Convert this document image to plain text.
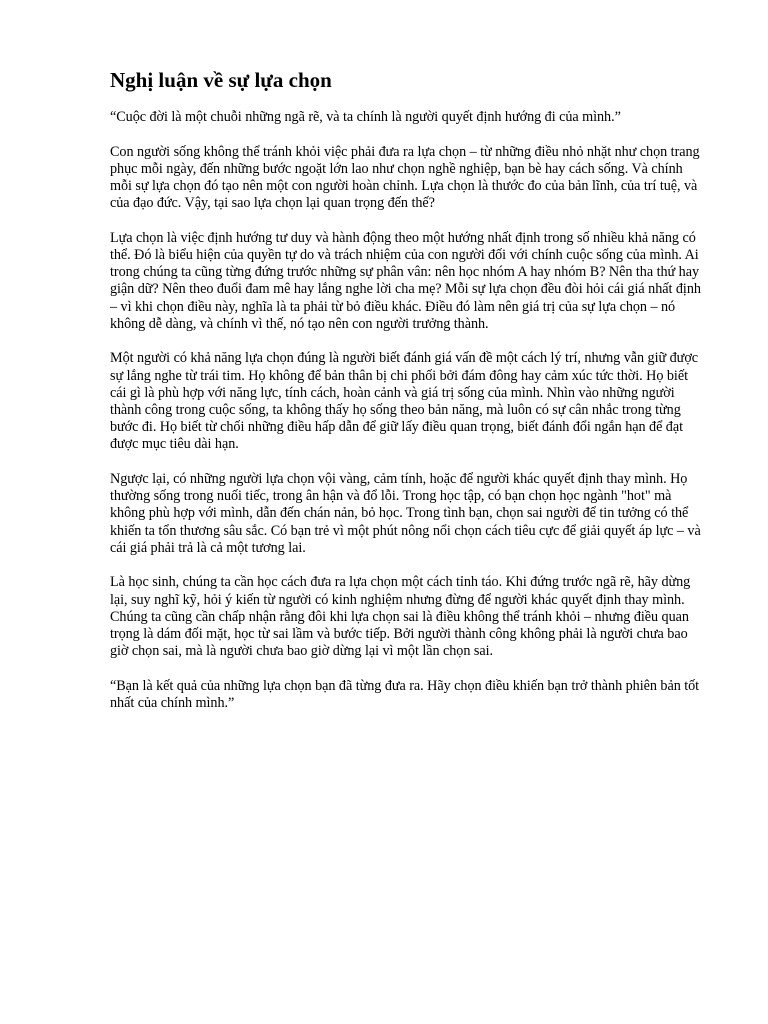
Nghị luận về sự lựa chọn

“Cuộc đời là một chuỗi những ngã rẽ, và ta chính là người quyết định hướng đi của mình.”

Con người sống không thể tránh khỏi việc phải đưa ra lựa chọn – từ những điều nhỏ nhặt như chọn trang phục mỗi ngày, đến những bước ngoặt lớn lao như chọn nghề nghiệp, bạn bè hay cách sống. Và chính mỗi sự lựa chọn đó tạo nên một con người hoàn chỉnh. Lựa chọn là thước đo của bản lĩnh, của trí tuệ, và của đạo đức. Vậy, tại sao lựa chọn lại quan trọng đến thế?

Lựa chọn là việc định hướng tư duy và hành động theo một hướng nhất định trong số nhiều khả năng có thể. Đó là biểu hiện của quyền tự do và trách nhiệm của con người đối với chính cuộc sống của mình. Ai trong chúng ta cũng từng đứng trước những sự phân vân: nên học nhóm A hay nhóm B? Nên tha thứ hay giận dữ? Nên theo đuổi đam mê hay lắng nghe lời cha mẹ? Mỗi sự lựa chọn đều đòi hỏi cái giá nhất định – vì khi chọn điều này, nghĩa là ta phải từ bỏ điều khác. Điều đó làm nên giá trị của sự lựa chọn – nó không dễ dàng, và chính vì thế, nó tạo nên con người trưởng thành.

Một người có khả năng lựa chọn đúng là người biết đánh giá vấn đề một cách lý trí, nhưng vẫn giữ được sự lắng nghe từ trái tim. Họ không để bản thân bị chi phối bởi đám đông hay cảm xúc tức thời. Họ biết cái gì là phù hợp với năng lực, tính cách, hoàn cảnh và giá trị sống của mình. Nhìn vào những người thành công trong cuộc sống, ta không thấy họ sống theo bản năng, mà luôn có sự cân nhắc trong từng bước đi. Họ biết từ chối những điều hấp dẫn để giữ lấy điều quan trọng, biết đánh đổi ngắn hạn để đạt được mục tiêu dài hạn.

Ngược lại, có những người lựa chọn vội vàng, cảm tính, hoặc để người khác quyết định thay mình. Họ thường sống trong nuối tiếc, trong ân hận và đổ lỗi. Trong học tập, có bạn chọn học ngành "hot" mà không phù hợp với mình, dẫn đến chán nản, bỏ học. Trong tình bạn, chọn sai người để tin tưởng có thể khiến ta tổn thương sâu sắc. Có bạn trẻ vì một phút nông nổi chọn cách tiêu cực để giải quyết áp lực – và cái giá phải trả là cả một tương lai.

Là học sinh, chúng ta cần học cách đưa ra lựa chọn một cách tỉnh táo. Khi đứng trước ngã rẽ, hãy dừng lại, suy nghĩ kỹ, hỏi ý kiến từ người có kinh nghiệm nhưng đừng để người khác quyết định thay mình. Chúng ta cũng cần chấp nhận rằng đôi khi lựa chọn sai là điều không thể tránh khỏi – nhưng điều quan trọng là dám đối mặt, học từ sai lầm và bước tiếp. Bởi người thành công không phải là người chưa bao giờ chọn sai, mà là người chưa bao giờ dừng lại vì một lần chọn sai.

“Bạn là kết quả của những lựa chọn bạn đã từng đưa ra. Hãy chọn điều khiến bạn trở thành phiên bản tốt nhất của chính mình.”
